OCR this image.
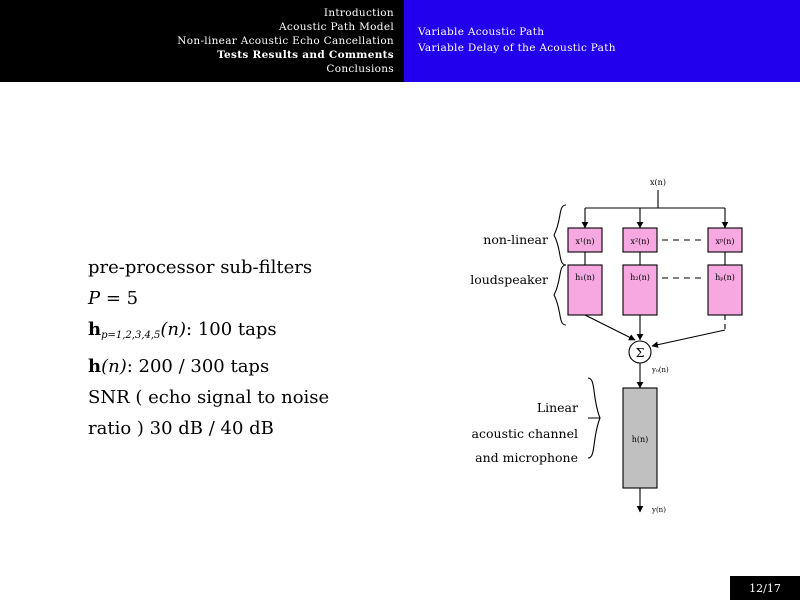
Introduction
Acoustic Path Model
Non-linear Acoustic Echo Cancellation
Tests Results and Comments
Conclusions
Variable Acoustic Path
Variable Delay of the Acoustic Path
pre-processor sub-filters
P = 5
$h_{p=1,2,3,4,5}(n)$: 100 taps
h(n): 200 / 300 taps
SNR ( echo signal to noise
ratio ) 30 dB / 40 dB
x(n)
non-linear
loudspeaker
x¹(n)	x²(n)	xᵖ(n)
h₁(n)	h₂(n)	hₚ(n)
Σ
y₀(n)
Linear
acoustic channel
and microphone
h(n)
y(n)
12/17
